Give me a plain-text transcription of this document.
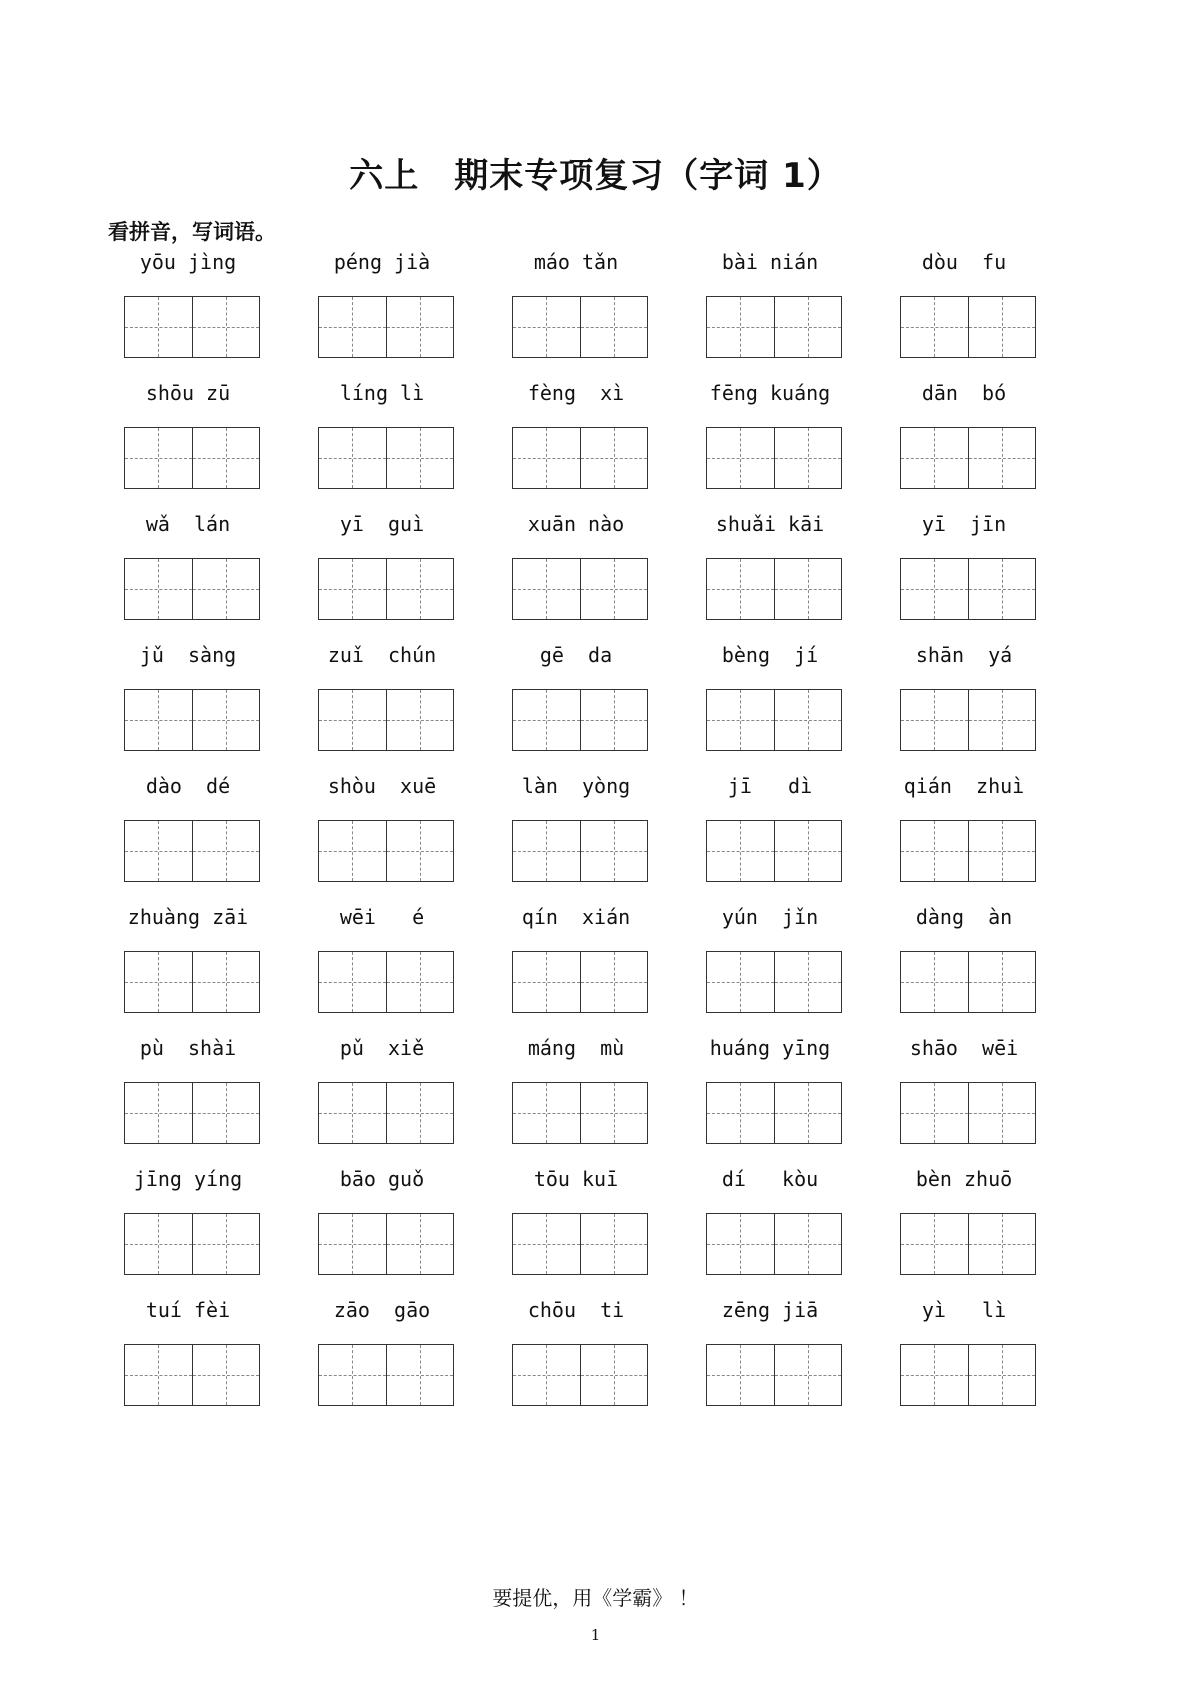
六上　期末专项复习（字词 1）
看拼音，写词语。
yōu jìng	péng jià	máo tǎn	bài nián	dòu  fu
shōu zū	líng lì	fèng  xì	fēng kuáng	dān  bó
wǎ  lán	yī  guì	xuān nào	shuǎi kāi	yī  jīn
jǔ  sàng	zuǐ  chún	gē  da	bèng  jí	shān  yá
dào  dé	shòu  xuē	làn  yòng	jī   dì	qián  zhuì
zhuàng zāi	wēi   é	qín  xián	yún  jǐn	dàng  àn
pù  shài	pǔ  xiě	máng  mù	huáng yīng	shāo  wēi
jīng yíng	bāo guǒ	tōu kuī	dí   kòu	bèn zhuō
tuí fèi	zāo  gāo	chōu  ti	zēng jiā	yì   lì
要提优，用《学霸》 ！
1
